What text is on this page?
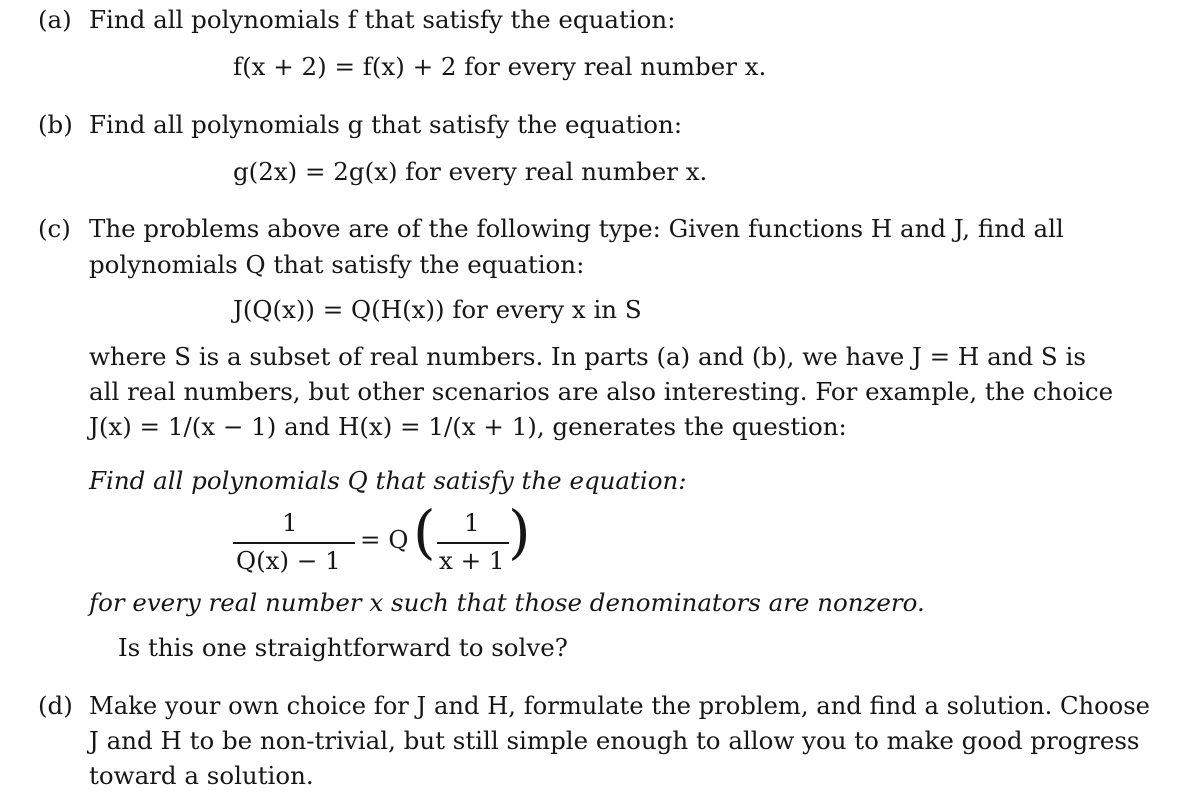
(a) Find all polynomials f that satisfy the equation:
f(x + 2) = f(x) + 2 for every real number x.
(b) Find all polynomials g that satisfy the equation:
g(2x) = 2g(x) for every real number x.
(c) The problems above are of the following type: Given functions H and J, find all
polynomials Q that satisfy the equation:
J(Q(x)) = Q(H(x)) for every x in S
where S is a subset of real numbers. In parts (a) and (b), we have J = H and S is
all real numbers, but other scenarios are also interesting. For example, the choice
J(x) = 1/(x − 1) and H(x) = 1/(x + 1), generates the question:
Find all polynomials Q that satisfy the equation:
1
Q(x) − 1
= Q ( 1
x + 1 )
for every real number x such that those denominators are nonzero.
Is this one straightforward to solve?
(d) Make your own choice for J and H, formulate the problem, and find a solution. Choose
J and H to be non-trivial, but still simple enough to allow you to make good progress
toward a solution.
